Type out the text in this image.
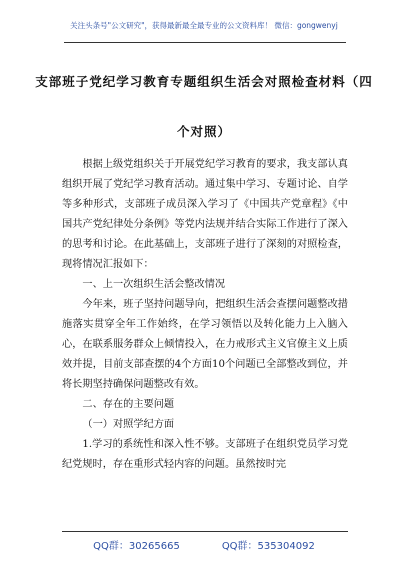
关注头条号"公文研究"，获得最新最全最专业的公文资料库！ 微信：gongwenyj
支部班子党纪学习教育专题组织生活会对照检查材料（四
个对照）

根据上级党组织关于开展党纪学习教育的要求，我支部认真组织开展了党纪学习教育活动。通过集中学习、专题讨论、自学等多种形式，支部班子成员深入学习了《中国共产党章程》《中国共产党纪律处分条例》等党内法规并结合实际工作进行了深入的思考和讨论。在此基础上，支部班子进行了深刻的对照检查，现将情况汇报如下：

一、上一次组织生活会整改情况

今年来，班子坚持问题导向，把组织生活会查摆问题整改措施落实贯穿全年工作始终，在学习领悟以及转化能力上入脑入心，在联系服务群众上倾情投入，在力戒形式主义官僚主义上质效并提，目前支部查摆的4个方面10个问题已全部整改到位，并将长期坚持确保问题整改有效。

二、存在的主要问题

（一）对照学纪方面

1.学习的系统性和深入性不够。支部班子在组织党员学习党纪党规时，存在重形式轻内容的问题。虽然按时完

QQ群：30265665	QQ群：535304092
